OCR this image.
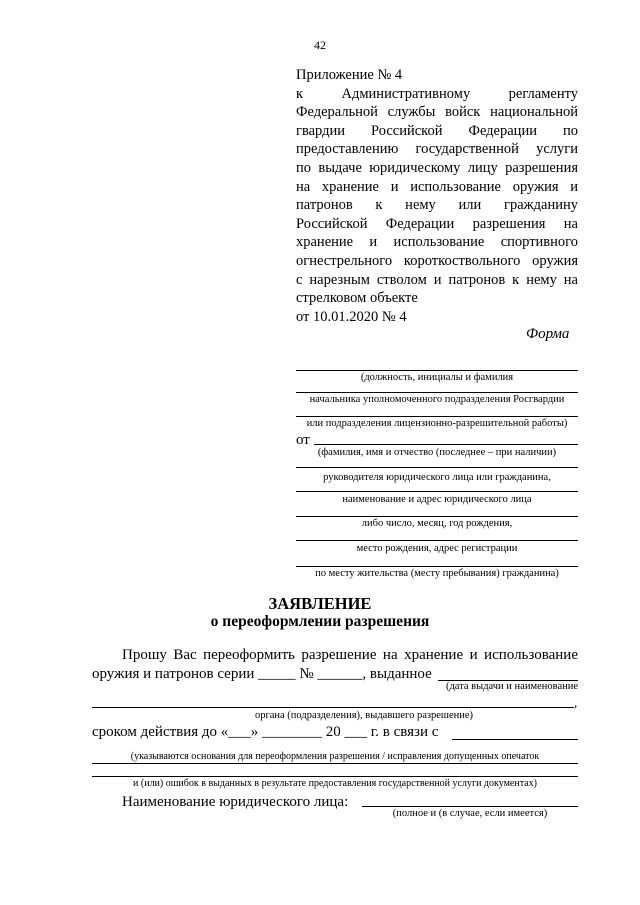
42
Приложение № 4
к Административному регламенту
Федеральной службы войск национальной
гвардии Российской Федерации по
предоставлению государственной услуги
по выдаче юридическому лицу разрешения
на хранение и использование оружия и
патронов к нему или гражданину
Российской Федерации разрешения на
хранение и использование спортивного
огнестрельного короткоствольного оружия
с нарезным стволом и патронов к нему на
стрелковом объекте
от 10.01.2020 № 4
Форма
(должность, инициалы и фамилия
начальника уполномоченного подразделения Росгвардии
или подразделения лицензионно-разрешительной работы)
от
(фамилия, имя и отчество (последнее – при наличии)
руководителя юридического лица или гражданина,
наименование и адрес юридического лица
либо число, месяц, год рождения,
место рождения, адрес регистрации
по месту жительства (месту пребывания) гражданина)
ЗАЯВЛЕНИЕ
о переоформлении разрешения
Прошу Вас переоформить разрешение на хранение и использование
оружия и патронов серии _____ № ______, выданное
(дата выдачи и наименование
,
органа (подразделения), выдавшего разрешение)
сроком действия до «___» ________ 20 ___ г. в связи с
(указываются основания для переоформления разрешения / исправления допущенных опечаток
и (или) ошибок в выданных в результате предоставления государственной услуги документах)
Наименование юридического лица:
(полное и (в случае, если имеется)
